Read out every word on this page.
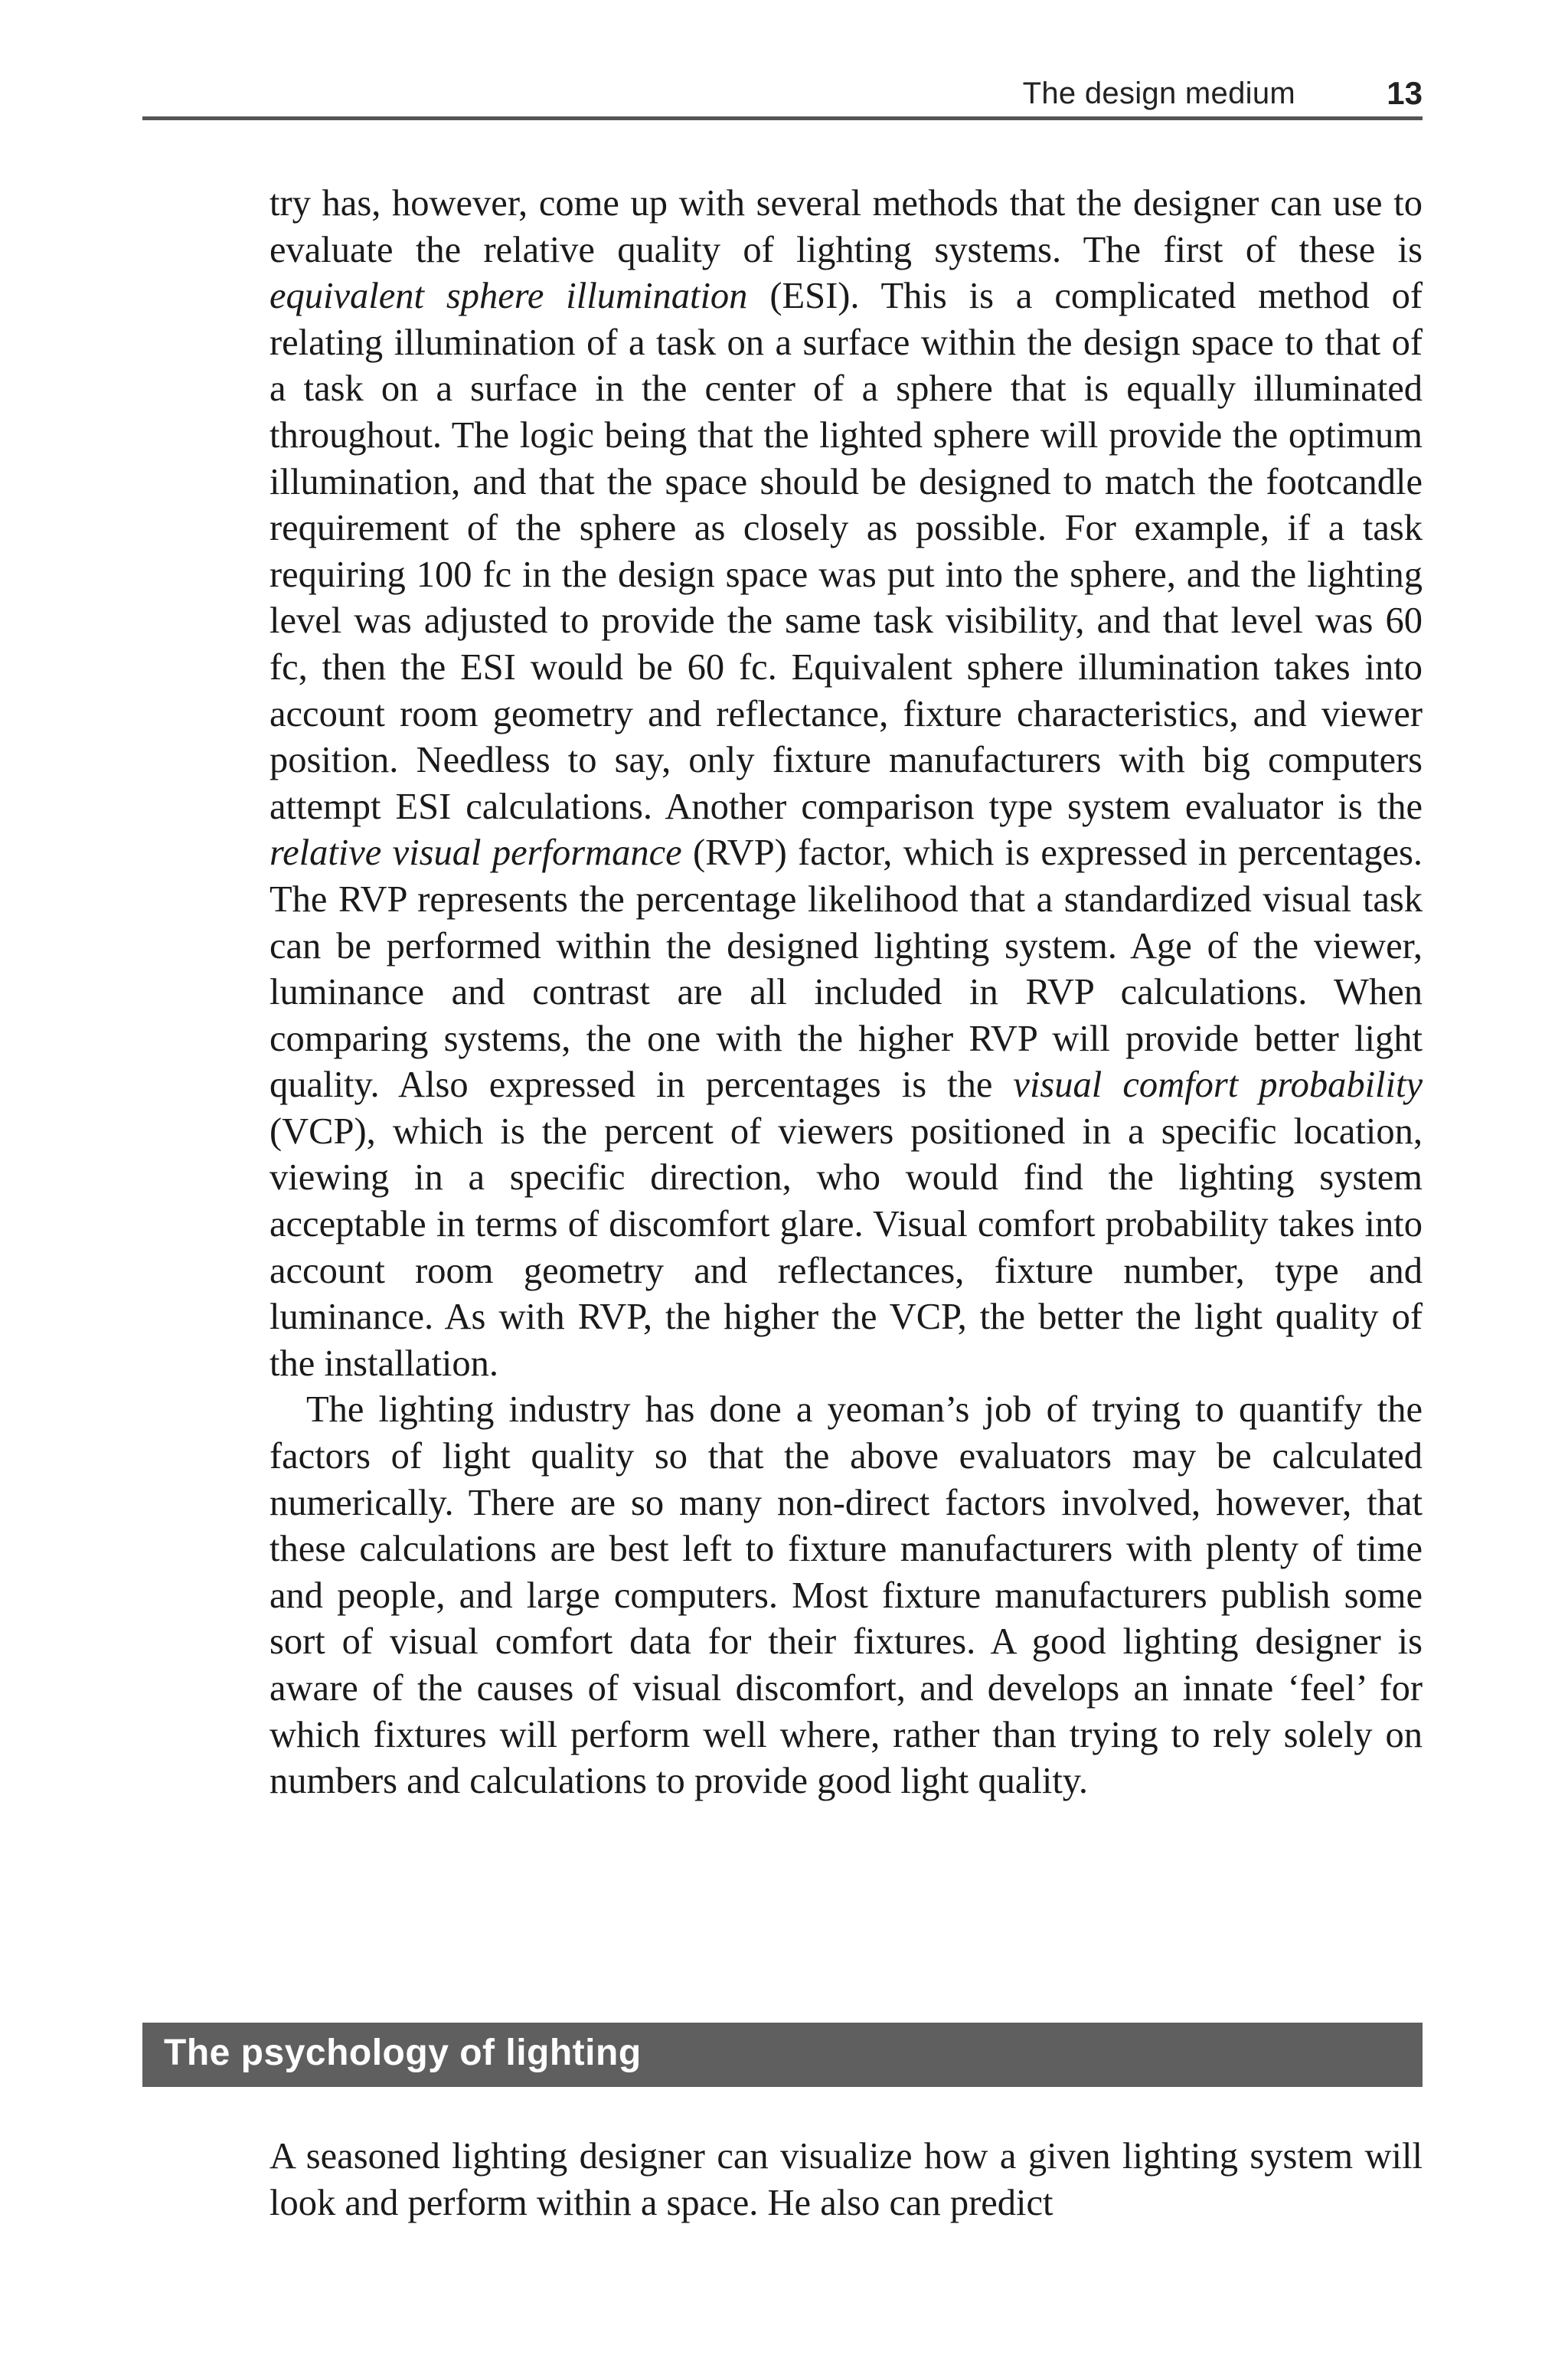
The design medium	13

try has, however, come up with several methods that the designer can use to evaluate the relative quality of lighting systems. The first of these is equivalent sphere illumination (ESI). This is a complicated method of relating illumination of a task on a surface within the design space to that of a task on a surface in the center of a sphere that is equally illuminated throughout. The logic being that the lighted sphere will provide the optimum illumination, and that the space should be designed to match the footcandle requirement of the sphere as closely as possible. For example, if a task requiring 100 fc in the design space was put into the sphere, and the lighting level was adjusted to provide the same task visibility, and that level was 60 fc, then the ESI would be 60 fc. Equivalent sphere illumination takes into account room geometry and reflectance, fixture characteristics, and viewer position. Needless to say, only fixture manufacturers with big computers attempt ESI calculations. Another comparison type system evaluator is the relative visual performance (RVP) factor, which is expressed in percentages. The RVP represents the percentage likelihood that a standardized visual task can be performed within the designed lighting system. Age of the viewer, luminance and contrast are all included in RVP calculations. When comparing systems, the one with the higher RVP will provide better light quality. Also expressed in percentages is the visual comfort probability (VCP), which is the percent of viewers positioned in a specific location, viewing in a specific direction, who would find the lighting system acceptable in terms of discomfort glare. Visual comfort probability takes into account room geometry and reflectances, fixture number, type and luminance. As with RVP, the higher the VCP, the better the light quality of the installation.

The lighting industry has done a yeoman’s job of trying to quantify the factors of light quality so that the above evaluators may be calculated numerically. There are so many non-direct factors involved, however, that these calculations are best left to fixture manufacturers with plenty of time and people, and large computers. Most fixture manufacturers publish some sort of visual comfort data for their fixtures. A good lighting designer is aware of the causes of visual discomfort, and develops an innate ‘feel’ for which fixtures will perform well where, rather than trying to rely solely on numbers and calculations to provide good light quality.

The psychology of lighting

A seasoned lighting designer can visualize how a given lighting system will look and perform within a space. He also can predict
